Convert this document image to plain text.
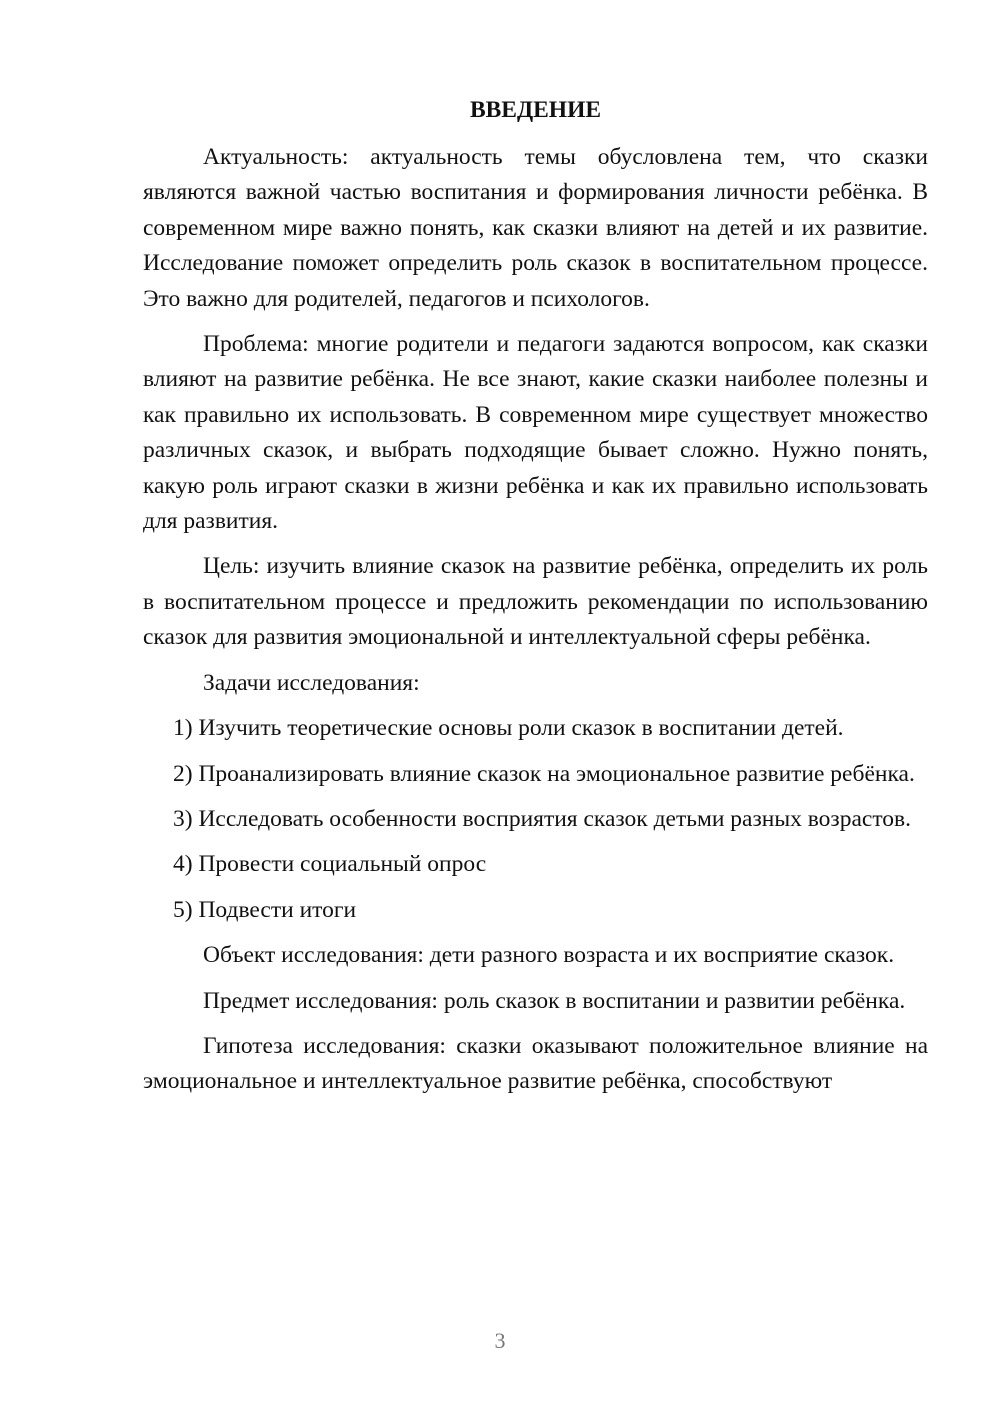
ВВЕДЕНИЕ

Актуальность: актуальность темы обусловлена тем, что сказки являются важной частью воспитания и формирования личности ребёнка. В современном мире важно понять, как сказки влияют на детей и их развитие. Исследование поможет определить роль сказок в воспитательном процессе. Это важно для родителей, педагогов и психологов.

Проблема: многие родители и педагоги задаются вопросом, как сказки влияют на развитие ребёнка. Не все знают, какие сказки наиболее полезны и как правильно их использовать. В современном мире существует множество различных сказок, и выбрать подходящие бывает сложно. Нужно понять, какую роль играют сказки в жизни ребёнка и как их правильно использовать для развития.

Цель: изучить влияние сказок на развитие ребёнка, определить их роль в воспитательном процессе и предложить рекомендации по использованию сказок для развития эмоциональной и интеллектуальной сферы ребёнка.

Задачи исследования:

1) Изучить теоретические основы роли сказок в воспитании детей.

2) Проанализировать влияние сказок на эмоциональное развитие ребёнка.

3) Исследовать особенности восприятия сказок детьми разных возрастов.

4) Провести социальный опрос

5) Подвести итоги

Объект исследования: дети разного возраста и их восприятие сказок.

Предмет исследования: роль сказок в воспитании и развитии ребёнка.

Гипотеза исследования: сказки оказывают положительное влияние на эмоциональное и интеллектуальное развитие ребёнка, способствуют

3
